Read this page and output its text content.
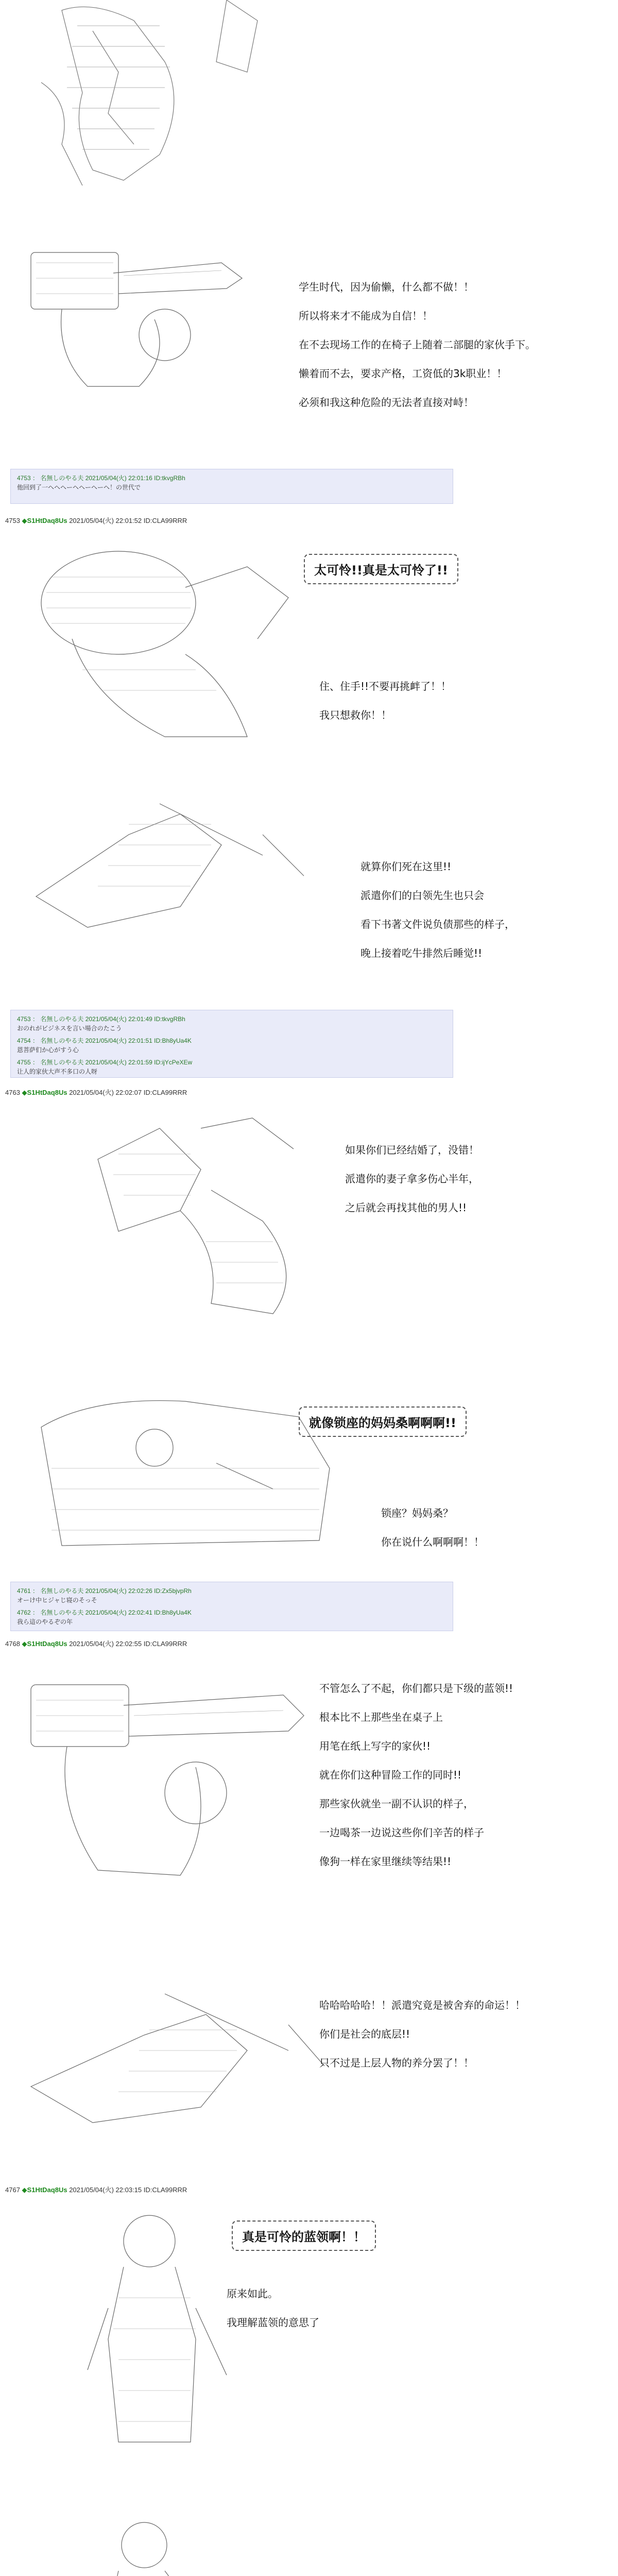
学生时代，因为偷懒，什么都不做！！

所以将来才不能成为自信！！

在不去现场工作的在椅子上随着二部腿的家伙手下。

懒着而不去，要求产格，工资低的3k职业！！

必须和我这种危险的无法者直接对峙！

4753 ： 名無しのやる夫 2021/05/04(火) 22:01:16 ID:tkvgRBh
他回到了一ヘヘヘーヘヘーヘーヘ！の世代で
4753 ◆S1HtDaq8Us 2021/05/04(火) 22:01:52 ID:CLA99RRR
太可怜!!真是太可怜了!!

住、住手!!不要再挑衅了！！

我只想救你！！

就算你们死在这里!!

派遣你们的白领先生也只会

看下书著文件说负债那些的样子，

晚上接着吃牛排然后睡觉!!

4753 ： 名無しのやる夫 2021/05/04(火) 22:01:49 ID:tkvgRBh
おのれがビジネスを言い場合のたこう
4754 ： 名無しのやる夫 2021/05/04(火) 22:01:51 ID:Bh8yUa4K
恩菩萨们か心がすう心
4755 ： 名無しのやる夫 2021/05/04(火) 22:01:59 ID:ijYcPeXEw
让人的家伙大声不多口の人呀
4763 ◆S1HtDaq8Us 2021/05/04(火) 22:02:07 ID:CLA99RRR

如果你们已经结婚了，没错！

派遣你的妻子拿多伤心半年，

之后就会再找其他的男人!!

就像锁座的妈妈桑啊啊啊!!

锁座？妈妈桑？

你在说什么啊啊啊！！

4761 ： 名無しのやる夫 2021/05/04(火) 22:02:26 ID:Zx5bjvpRh
オーけ中ヒジャじ寝のそっそ
4762 ： 名無しのやる夫 2021/05/04(火) 22:02:41 ID:Bh8yUa4K
我ら這のやるぞの年
4768 ◆S1HtDaq8Us 2021/05/04(火) 22:02:55 ID:CLA99RRR

不管怎么了不起，你们都只是下级的蓝领!!

根本比不上那些坐在桌子上

用笔在纸上写字的家伙!!

就在你们这种冒险工作的同时!!

那些家伙就坐一副不认识的样子，

一边喝茶一边说这些你们辛苦的样子

像狗一样在家里继续等结果!!

哈哈哈哈哈！！派遣究竟是被舍弃的命运！！

你们是社会的底层!!

只不过是上层人物的养分罢了！！

4767 ◆S1HtDaq8Us 2021/05/04(火) 22:03:15 ID:CLA99RRR
真是可怜的蓝领啊！！

原来如此。

我理解蓝领的意思了
